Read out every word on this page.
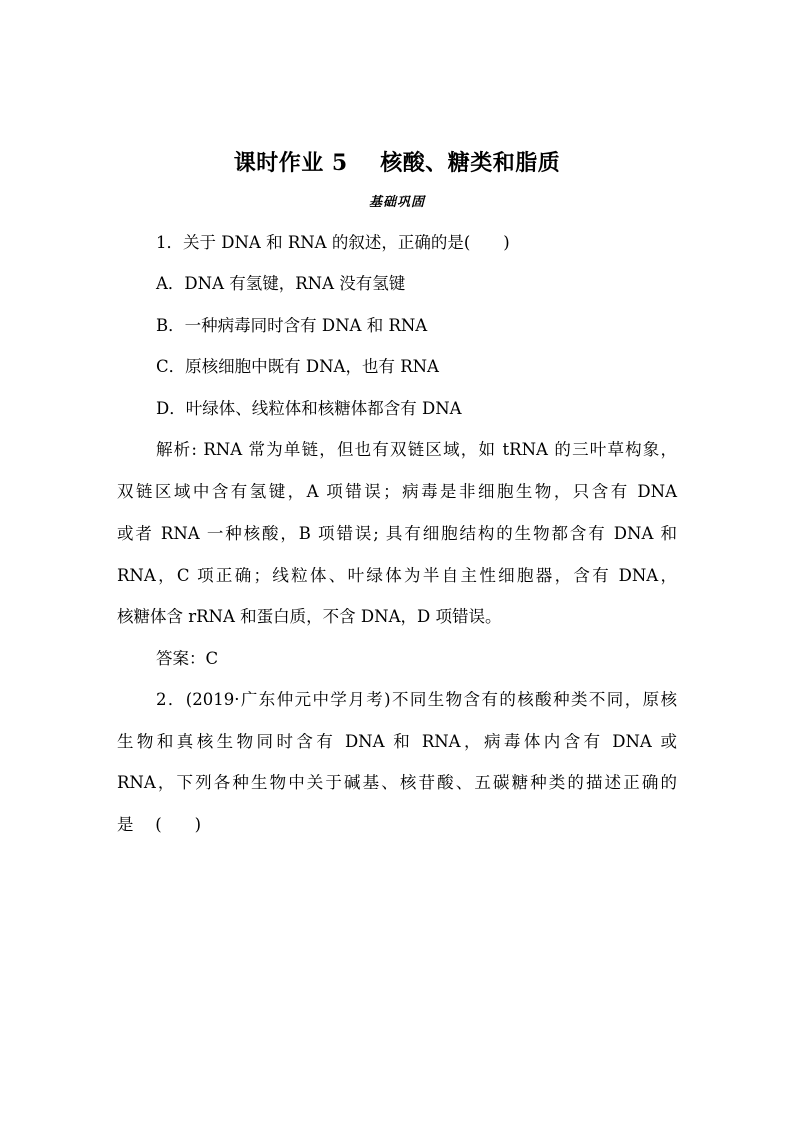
课时作业 5    核酸、糖类和脂质
基础巩固
1．关于 DNA 和 RNA 的叙述，正确的是(　　)
A．DNA 有氢键，RNA 没有氢键
B．一种病毒同时含有 DNA 和 RNA
C．原核细胞中既有 DNA，也有 RNA
D．叶绿体、线粒体和核糖体都含有 DNA
解析: RNA 常为单链，但也有双链区域，如 tRNA 的三叶草构象，
双链区域中含有氢键，A 项错误；病毒是非细胞生物，只含有 DNA
或者 RNA 一种核酸，B 项错误; 具有细胞结构的生物都含有 DNA 和
RNA，C 项正确；线粒体、叶绿体为半自主性细胞器，含有 DNA，
核糖体含 rRNA 和蛋白质，不含 DNA，D 项错误。
答案：C
2．(2019·广东仲元中学月考)不同生物含有的核酸种类不同，原核
生物和真核生物同时含有 DNA 和 RNA，病毒体内含有 DNA 或
RNA，下列各种生物中关于碱基、核苷酸、五碳糖种类的描述正确的
是　 (　　)
